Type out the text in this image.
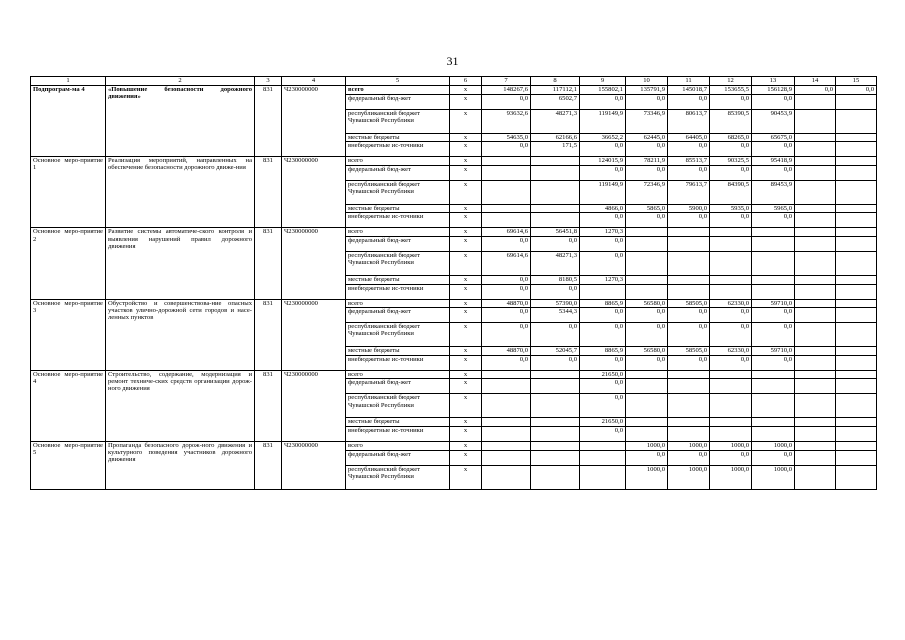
31
1	2	3	4	5	6	7	8	9	10	11	12	13	14	15
Подпрограм-ма 4	«Повышение безопасности дорожного движения»	831	Ч230000000	всего	x	148267,6	117112,1	155802,1	135791,9	145018,7	153655,5	156128,9	0,0	0,0
				федеральный бюд-жет	x	0,0	6502,7	0,0	0,0	0,0	0,0	0,0		
				республиканский бюджет Чувашской Республики	x	93632,6	48271,3	119149,9	73346,9	80613,7	85390,5	90453,9		
				местные бюджеты	x	54635,0	62166,6	36652,2	62445,0	64405,0	68265,0	65675,0		
				внебюджетные ис-точники	x	0,0	171,5	0,0	0,0	0,0	0,0	0,0		
Основное меро-приятие 1	Реализация мероприятий, направленных на обеспечение безопасности дорожного движе-ния	831	Ч230000000	всего	x			124015,9	78211,9	85513,7	90325,5	95418,9		
				федеральный бюд-жет	x			0,0	0,0	0,0	0,0	0,0		
				республиканский бюджет Чувашской Республики	x			119149,9	72346,9	79613,7	84390,5	89453,9		
				местные бюджеты	x			4866,0	5865,0	5900,0	5935,0	5965,0		
				внебюджетные ис-точники	x			0,0	0,0	0,0	0,0	0,0		
Основное меро-приятие 2	Развитие системы автоматиче-ского контроля и выявления нарушений правил дорожного движения	831	Ч230000000	всего	x	69614,6	56451,8	1270,3						
				федеральный бюд-жет	x	0,0	0,0	0,0						
				республиканский бюджет Чувашской Республики	x	69614,6	48271,3	0,0						
				местные бюджеты	x	0,0	8180,5	1270,3						
				внебюджетные ис-точники	x	0,0	0,0							
Основное меро-приятие 3	Обустройство и совершенствова-ние опасных участков улично-дорожной сети городов и насе-ленных пунктов	831	Ч230000000	всего	x	48870,0	57390,0	8865,9	56580,0	58505,0	62330,0	59710,0		
				федеральный бюд-жет	x	0,0	5344,3	0,0	0,0	0,0	0,0	0,0		
				республиканский бюджет Чувашской Республики	x	0,0	0,0	0,0	0,0	0,0	0,0	0,0		
				местные бюджеты	x	48870,0	52045,7	8865,9	56580,0	58505,0	62330,0	59710,0		
				внебюджетные ис-точники	x	0,0	0,0	0,0	0,0	0,0	0,0	0,0		
Основное меро-приятие 4	Строительство, содержание, модернизация и ремонт техниче-ских средств организации дорож-ного движения	831	Ч230000000	всего	x			21650,0						
				федеральный бюд-жет	x			0,0						
				республиканский бюджет Чувашской Республики	x			0,0						
				местные бюджеты	x			21650,0						
				внебюджетные ис-точники	x			0,0						
Основное меро-приятие 5	Пропаганда безопасного дорож-ного движения и культурного поведения участников дорожного движения	831	Ч230000000	всего	x				1000,0	1000,0	1000,0	1000,0		
				федеральный бюд-жет	x				0,0	0,0	0,0	0,0		
				республиканский бюджет Чувашской Республики	x				1000,0	1000,0	1000,0	1000,0		
